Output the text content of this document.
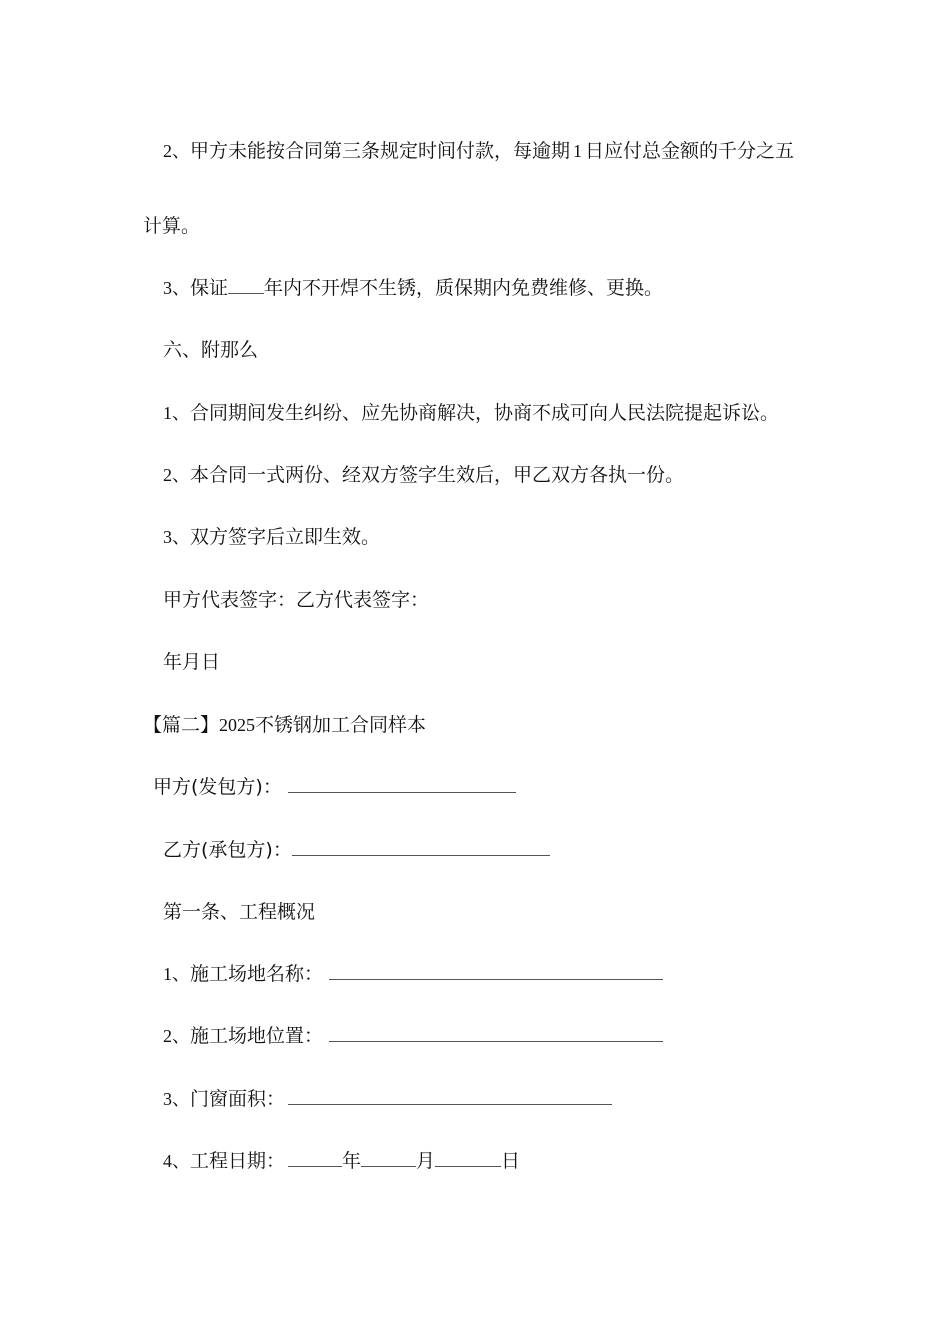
2、甲方未能按合同第三条规定时间付款，每逾期 1 日应付总金额的千分之五
计算。
3、保证 年内不开焊不生锈，质保期内免费维修、更换。
六、附那么
1、合同期间发生纠纷、应先协商解决，协商不成可向人民法院提起诉讼。
2、本合同一式两份、经双方签字生效后，甲乙双方各执一份。
3、双方签字后立即生效。
甲方代表签字：乙方代表签字：
年月日
【篇二】2025不锈钢加工合同样本
甲方(发包方)：
乙方(承包方)：
第一条、工程概况
1、施工场地名称：
2、施工场地位置：
3、门窗面积：
4、工程日期：	年	月	日
